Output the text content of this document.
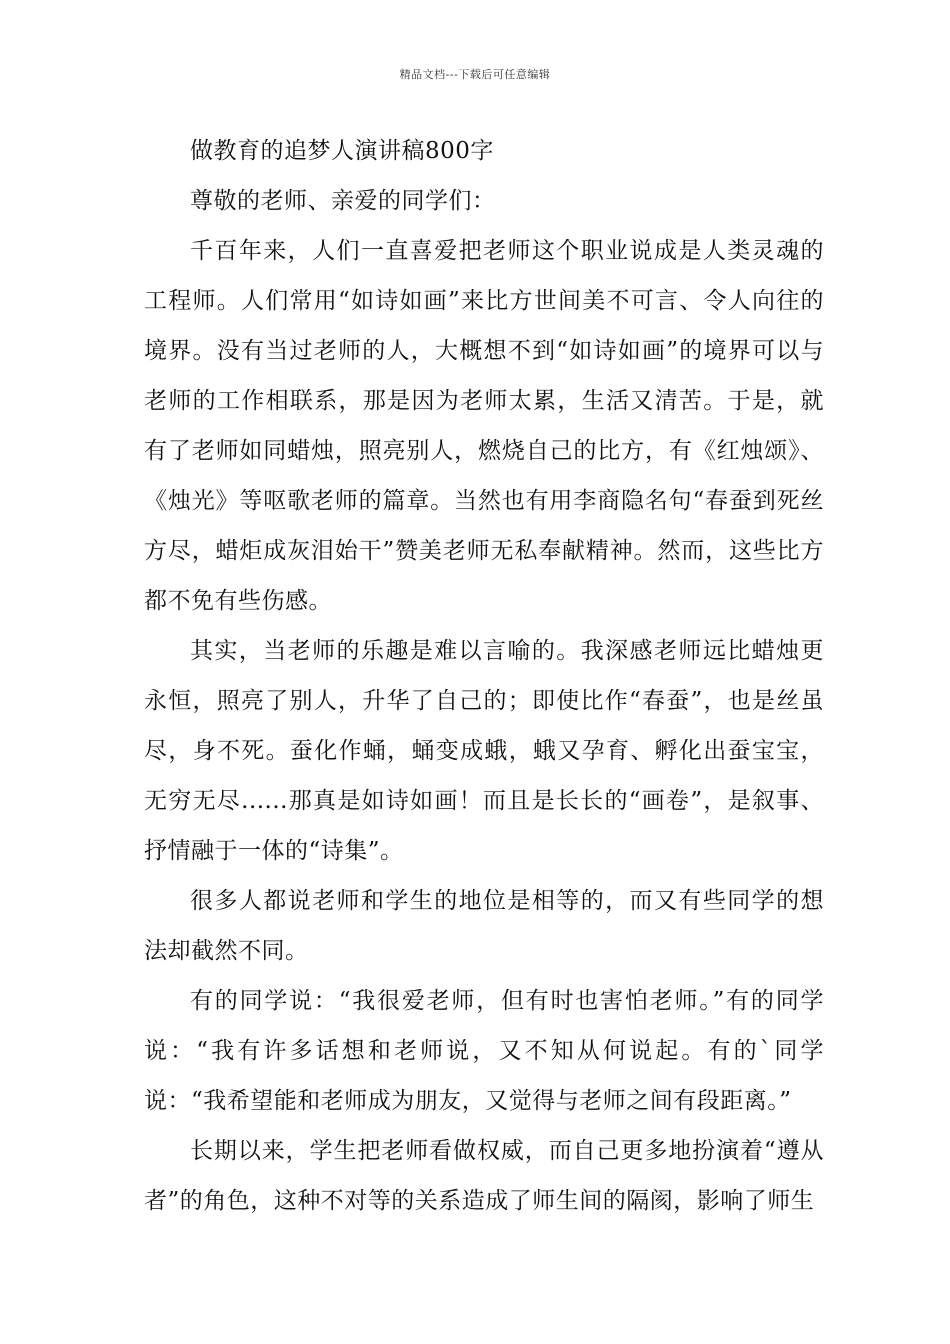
精品文档---下载后可任意编辑

做教育的追梦人演讲稿800字

尊敬的老师、亲爱的同学们：

千百年来，人们一直喜爱把老师这个职业说成是人类灵魂的工程师。人们常用“如诗如画”来比方世间美不可言、令人向往的境界。没有当过老师的人，大概想不到“如诗如画”的境界可以与老师的工作相联系，那是因为老师太累，生活又清苦。于是，就有了老师如同蜡烛，照亮别人，燃烧自己的比方，有《红烛颂》、《烛光》等呕歌老师的篇章。当然也有用李商隐名句“春蚕到死丝方尽，蜡炬成灰泪始干”赞美老师无私奉献精神。然而，这些比方都不免有些伤感。

其实，当老师的乐趣是难以言喻的。我深感老师远比蜡烛更永恒，照亮了别人，升华了自己的；即使比作“春蚕”，也是丝虽尽，身不死。蚕化作蛹，蛹变成蛾，蛾又孕育、孵化出蚕宝宝，无穷无尽......那真是如诗如画！而且是长长的“画卷”，是叙事、抒情融于一体的“诗集”。

很多人都说老师和学生的地位是相等的，而又有些同学的想法却截然不同。

有的同学说：“我很爱老师，但有时也害怕老师。”有的同学说：“我有许多话想和老师说，又不知从何说起。有的`同学说：“我希望能和老师成为朋友，又觉得与老师之间有段距离。”

长期以来，学生把老师看做权威，而自己更多地扮演着“遵从者”的角色，这种不对等的关系造成了师生间的隔阂，影响了师生
